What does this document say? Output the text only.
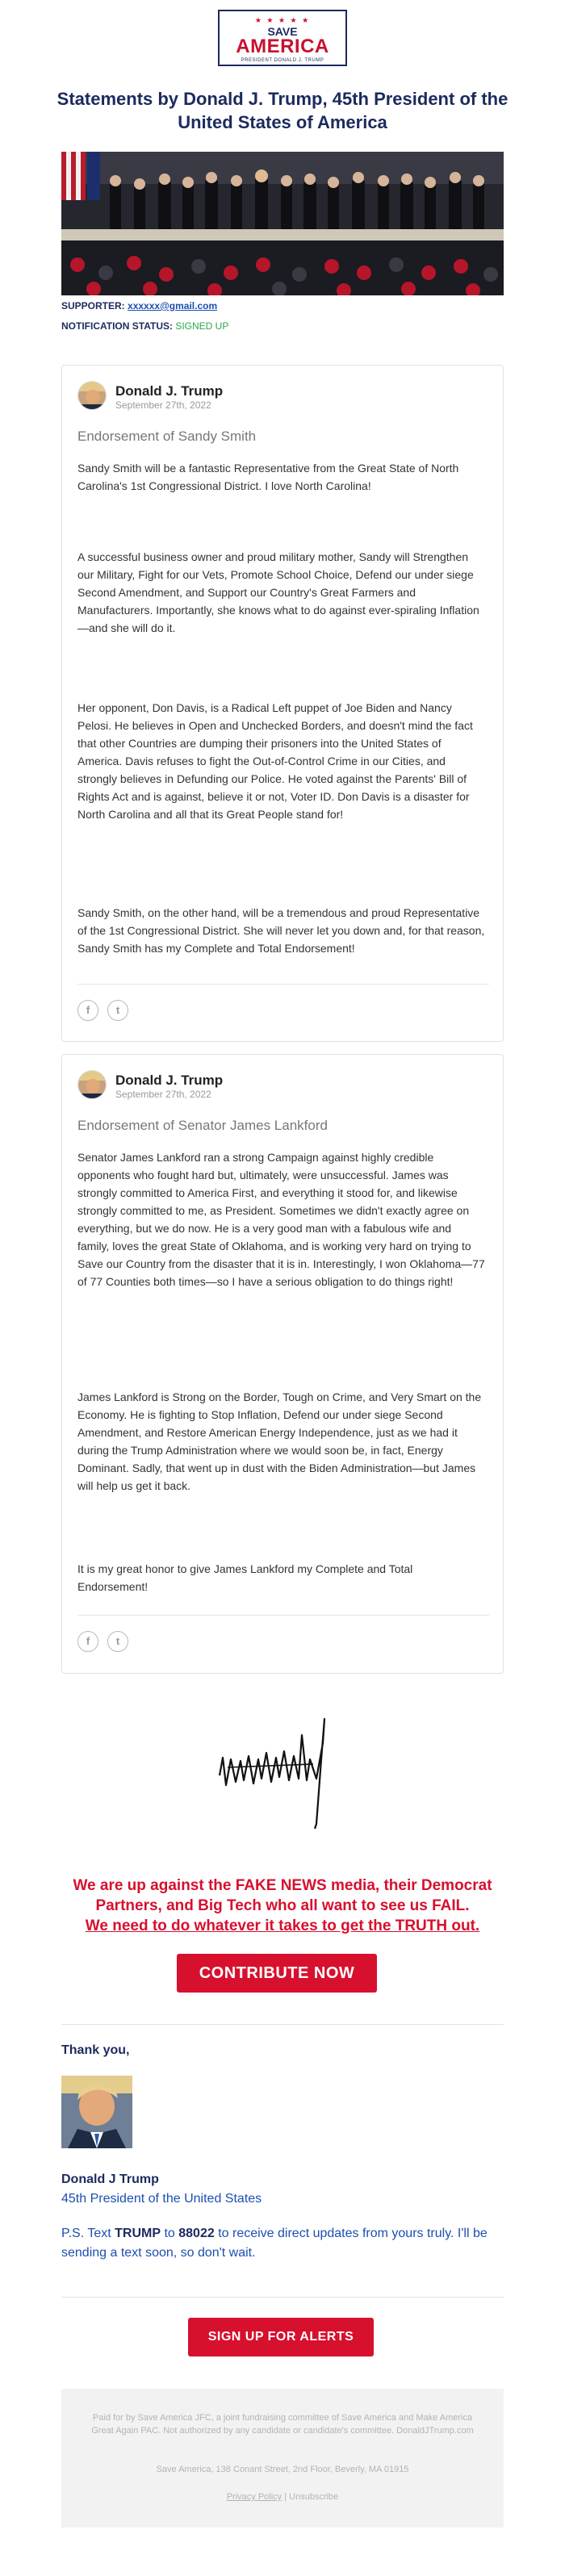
★ ★ ★ ★ ★
SAVE
AMERICA
PRESIDENT DONALD J. TRUMP
Statements by Donald J. Trump, 45th President of the United States of America
SUPPORTER: xxxxxx@gmail.com
NOTIFICATION STATUS: SIGNED UP
Donald J. Trump
September 27th, 2022
Endorsement of Sandy Smith
Sandy Smith will be a fantastic Representative from the Great State of North Carolina's 1st Congressional District. I love North Carolina!
A successful business owner and proud military mother, Sandy will Strengthen our Military, Fight for our Vets, Promote School Choice, Defend our under siege Second Amendment, and Support our Country's Great Farmers and Manufacturers. Importantly, she knows what to do against ever-spiraling Inflation—and she will do it.
Her opponent, Don Davis, is a Radical Left puppet of Joe Biden and Nancy Pelosi. He believes in Open and Unchecked Borders, and doesn't mind the fact that other Countries are dumping their prisoners into the United States of America. Davis refuses to fight the Out-of-Control Crime in our Cities, and strongly believes in Defunding our Police. He voted against the Parents' Bill of Rights Act and is against, believe it or not, Voter ID. Don Davis is a disaster for North Carolina and all that its Great People stand for!
Sandy Smith, on the other hand, will be a tremendous and proud Representative of the 1st Congressional District. She will never let you down and, for that reason, Sandy Smith has my Complete and Total Endorsement!
f	t
Donald J. Trump
September 27th, 2022
Endorsement of Senator James Lankford
Senator James Lankford ran a strong Campaign against highly credible opponents who fought hard but, ultimately, were unsuccessful. James was strongly committed to America First, and everything it stood for, and likewise strongly committed to me, as President. Sometimes we didn't exactly agree on everything, but we do now. He is a very good man with a fabulous wife and family, loves the great State of Oklahoma, and is working very hard on trying to Save our Country from the disaster that it is in. Interestingly, I won Oklahoma—77 of 77 Counties both times—so I have a serious obligation to do things right!
James Lankford is Strong on the Border, Tough on Crime, and Very Smart on the Economy. He is fighting to Stop Inflation, Defend our under siege Second Amendment, and Restore American Energy Independence, just as we had it during the Trump Administration where we would soon be, in fact, Energy Dominant. Sadly, that went up in dust with the Biden Administration—but James will help us get it back.
It is my great honor to give James Lankford my Complete and Total Endorsement!
f	t
We are up against the FAKE NEWS media, their Democrat Partners, and Big Tech who all want to see us FAIL.
We need to do whatever it takes to get the TRUTH out.
CONTRIBUTE NOW
Thank you,
Donald J Trump
45th President of the United States
P.S. Text TRUMP to 88022 to receive direct updates from yours truly. I'll be sending a text soon, so don't wait.
SIGN UP FOR ALERTS
Paid for by Save America JFC, a joint fundraising committee of Save America and Make America Great Again PAC. Not authorized by any candidate or candidate's committee. DonaldJTrump.com
Save America, 138 Conant Street, 2nd Floor, Beverly, MA 01915
Privacy Policy | Unsubscribe
